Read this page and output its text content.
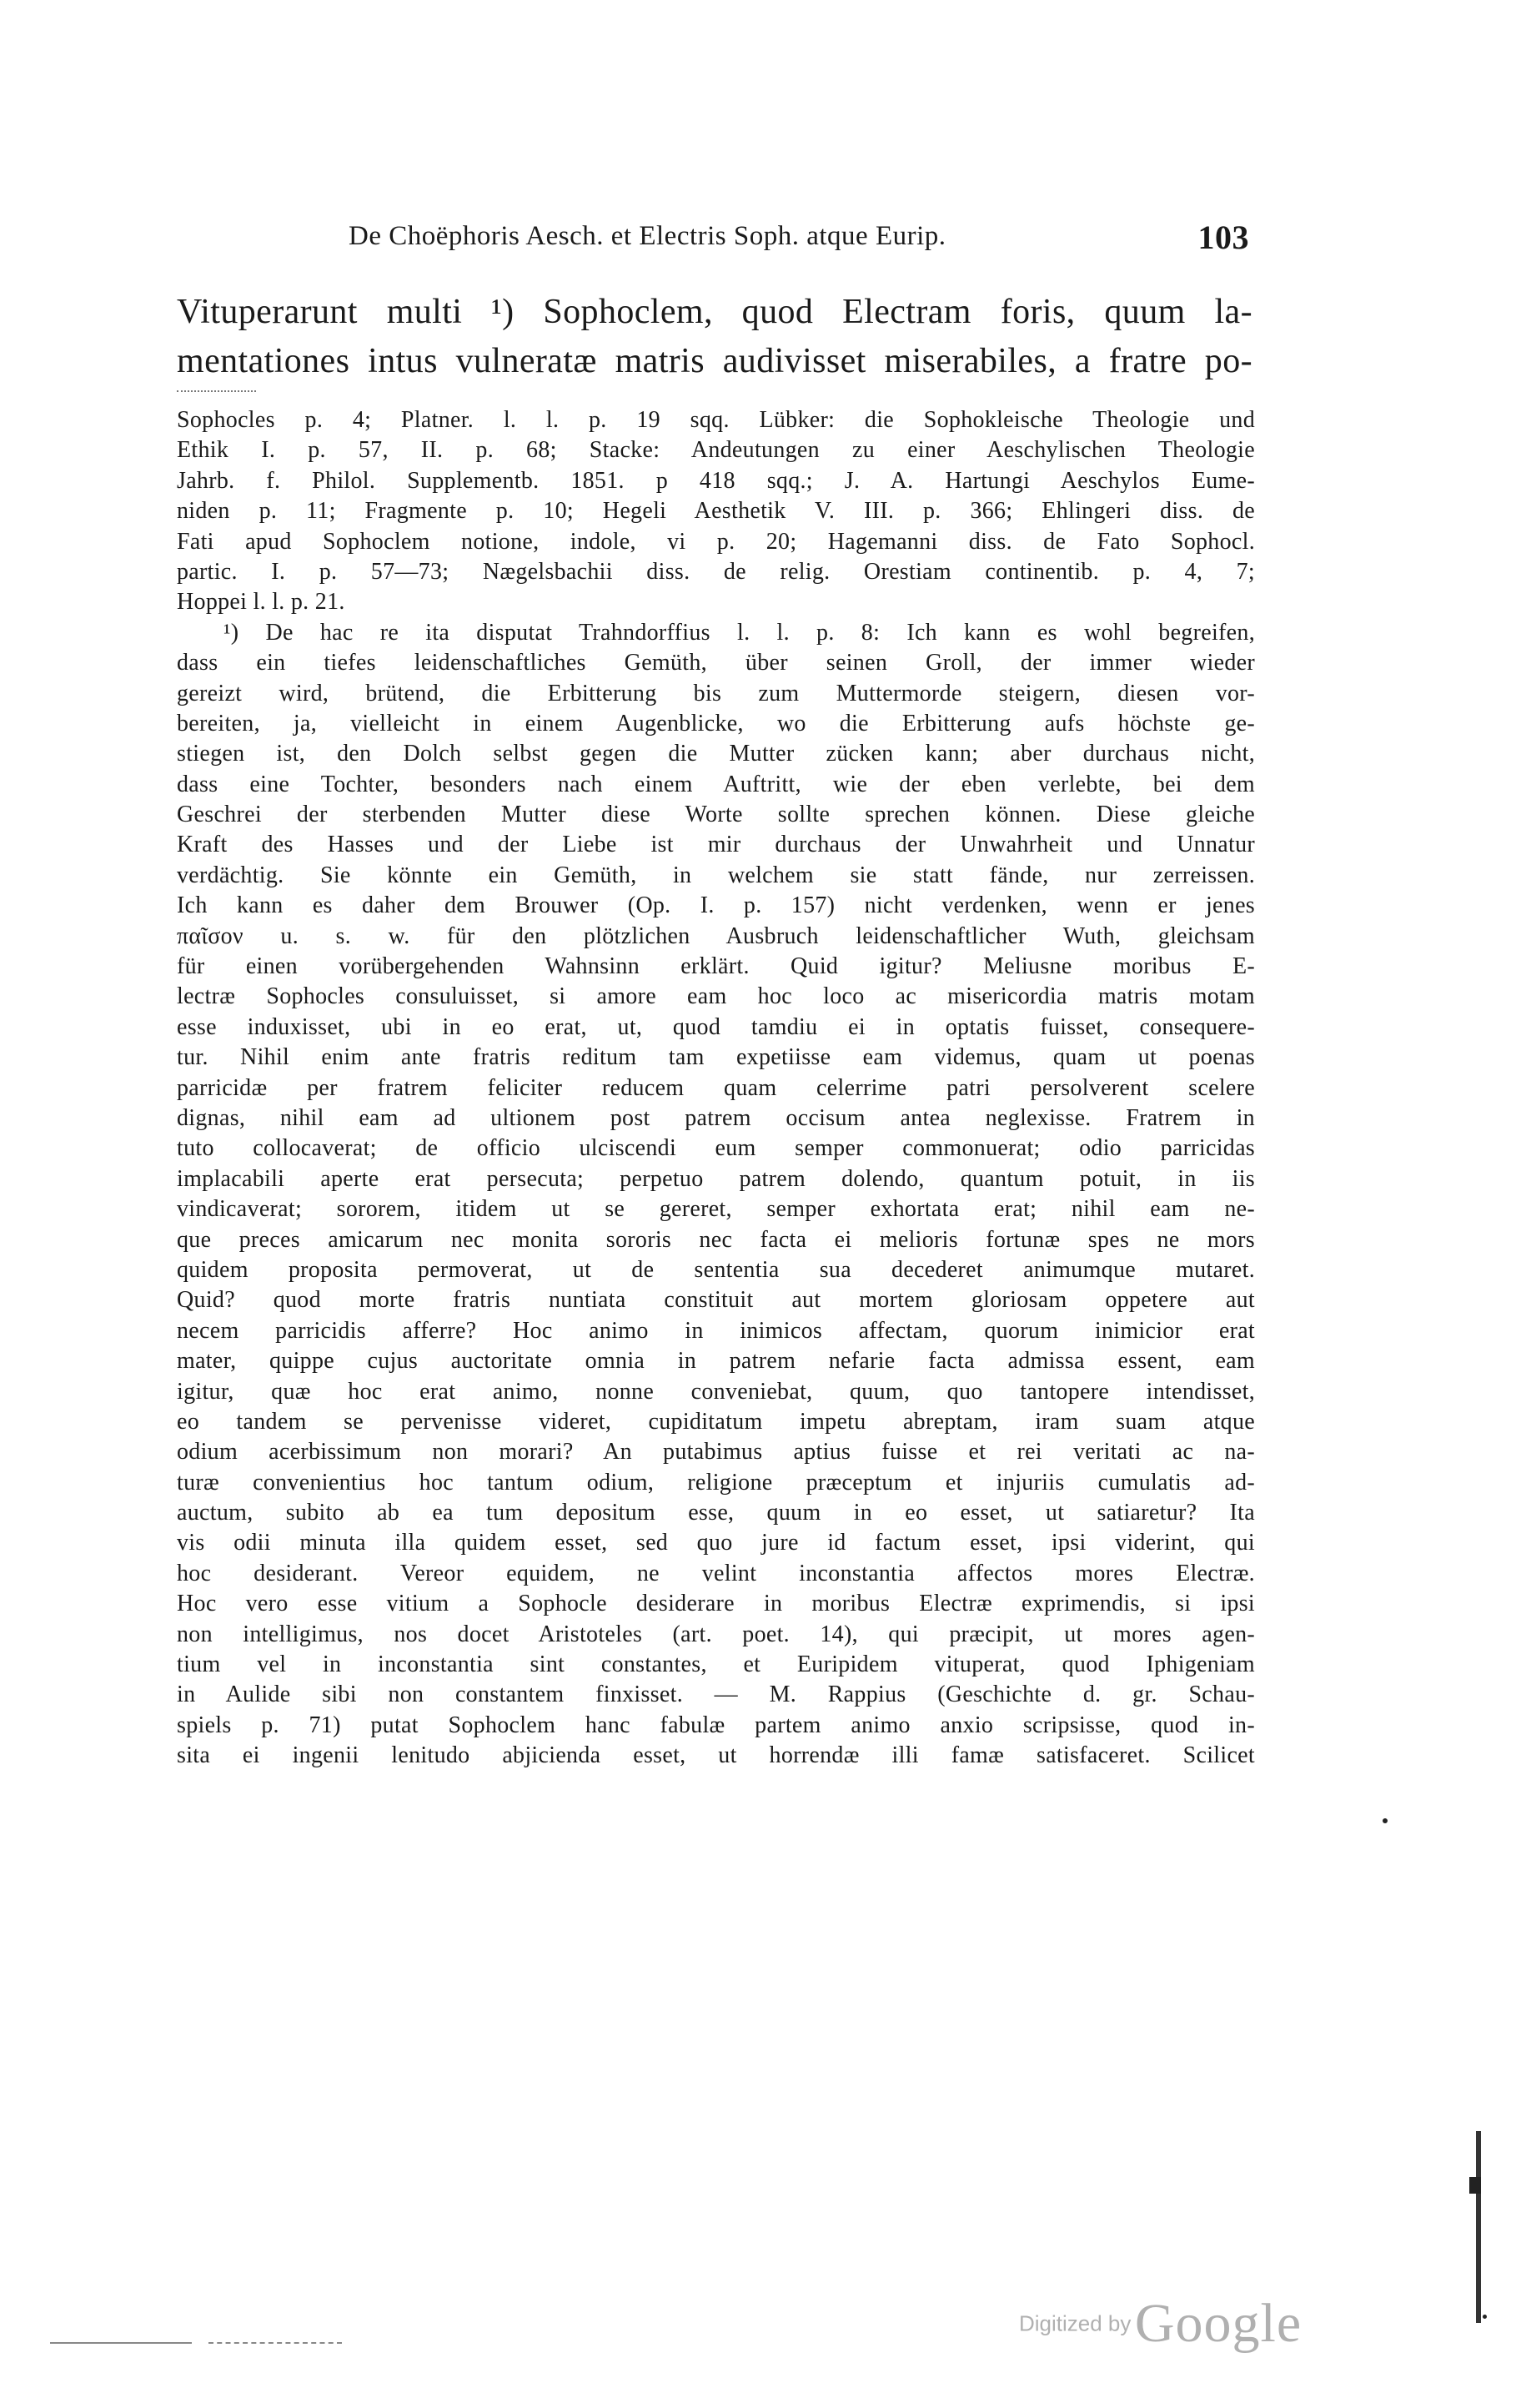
De Choëphoris Aesch. et Electris Soph. atque Eurip.	103
Vituperarunt multi ¹) Sophoclem, quod Electram foris, quum la-
mentationes intus vulneratæ matris audivisset miserabiles, a fratre po-
Sophocles p. 4; Platner. l. l. p. 19 sqq. Lübker: die Sophokleische Theologie und
Ethik I. p. 57, II. p. 68; Stacke: Andeutungen zu einer Aeschylischen Theologie
Jahrb. f. Philol. Supplementb. 1851. p 418 sqq.; J. A. Hartungi Aeschylos Eume-
niden p. 11; Fragmente p. 10; Hegeli Aesthetik V. III. p. 366; Ehlingeri diss. de
Fati apud Sophoclem notione, indole, vi p. 20; Hagemanni diss. de Fato Sophocl.
partic. I. p. 57—73; Nægelsbachii diss. de relig. Orestiam continentib. p. 4, 7;
Hoppei l. l. p. 21.
¹) De hac re ita disputat Trahndorffius l. l. p. 8: Ich kann es wohl begreifen,
dass ein tiefes leidenschaftliches Gemüth, über seinen Groll, der immer wieder
gereizt wird, brütend, die Erbitterung bis zum Muttermorde steigern, diesen vor-
bereiten, ja, vielleicht in einem Augenblicke, wo die Erbitterung aufs höchste ge-
stiegen ist, den Dolch selbst gegen die Mutter zücken kann; aber durchaus nicht,
dass eine Tochter, besonders nach einem Auftritt, wie der eben verlebte, bei dem
Geschrei der sterbenden Mutter diese Worte sollte sprechen können. Diese gleiche
Kraft des Hasses und der Liebe ist mir durchaus der Unwahrheit und Unnatur
verdächtig. Sie könnte ein Gemüth, in welchem sie statt fände, nur zerreissen.
Ich kann es daher dem Brouwer (Op. I. p. 157) nicht verdenken, wenn er jenes
παῖσον u. s. w. für den plötzlichen Ausbruch leidenschaftlicher Wuth, gleichsam
für einen vorübergehenden Wahnsinn erklärt. Quid igitur? Meliusne moribus E-
lectræ Sophocles consuluisset, si amore eam hoc loco ac misericordia matris motam
esse induxisset, ubi in eo erat, ut, quod tamdiu ei in optatis fuisset, consequere-
tur. Nihil enim ante fratris reditum tam expetiisse eam videmus, quam ut poenas
parricidæ per fratrem feliciter reducem quam celerrime patri persolverent scelere
dignas, nihil eam ad ultionem post patrem occisum antea neglexisse. Fratrem in
tuto collocaverat; de officio ulciscendi eum semper commonuerat; odio parricidas
implacabili aperte erat persecuta; perpetuo patrem dolendo, quantum potuit, in iis
vindicaverat; sororem, itidem ut se gereret, semper exhortata erat; nihil eam ne-
que preces amicarum nec monita sororis nec facta ei melioris fortunæ spes ne mors
quidem proposita permoverat, ut de sententia sua decederet animumque mutaret.
Quid? quod morte fratris nuntiata constituit aut mortem gloriosam oppetere aut
necem parricidis afferre? Hoc animo in inimicos affectam, quorum inimicior erat
mater, quippe cujus auctoritate omnia in patrem nefarie facta admissa essent, eam
igitur, quæ hoc erat animo, nonne conveniebat, quum, quo tantopere intendisset,
eo tandem se pervenisse videret, cupiditatum impetu abreptam, iram suam atque
odium acerbissimum non morari? An putabimus aptius fuisse et rei veritati ac na-
turæ convenientius hoc tantum odium, religione præceptum et injuriis cumulatis ad-
auctum, subito ab ea tum depositum esse, quum in eo esset, ut satiaretur? Ita
vis odii minuta illa quidem esset, sed quo jure id factum esset, ipsi viderint, qui
hoc desiderant. Vereor equidem, ne velint inconstantia affectos mores Electræ.
Hoc vero esse vitium a Sophocle desiderare in moribus Electræ exprimendis, si ipsi
non intelligimus, nos docet Aristoteles (art. poet. 14), qui præcipit, ut mores agen-
tium vel in inconstantia sint constantes, et Euripidem vituperat, quod Iphigeniam
in Aulide sibi non constantem finxisset. — M. Rappius (Geschichte d. gr. Schau-
spiels p. 71) putat Sophoclem hanc fabulæ partem animo anxio scripsisse, quod in-
sita ei ingenii lenitudo abjicienda esset, ut horrendæ illi famæ satisfaceret. Scilicet
Digitized by Google
